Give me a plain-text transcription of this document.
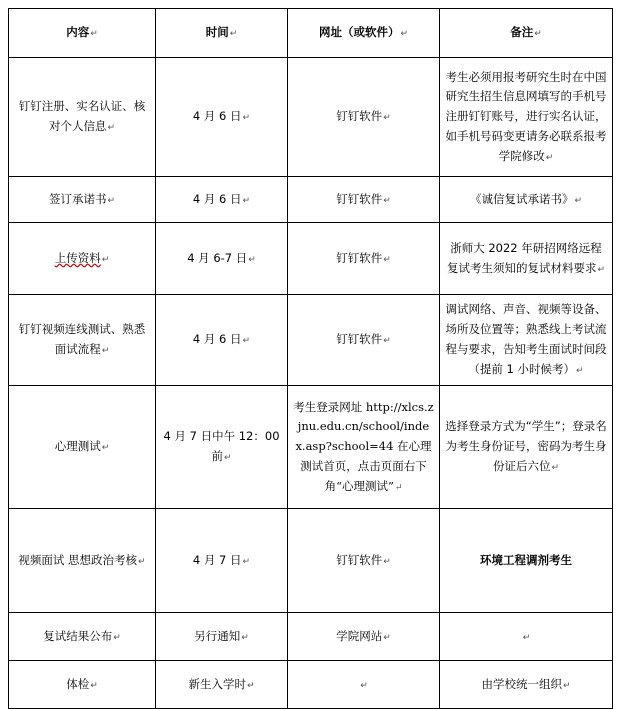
内容↵	时间↵	网址（或软件）↵	备注↵
钉钉注册、实名认证、核对个人信息↵	4 月 6 日↵	钉钉软件↵	考生必须用报考研究生时在中国研究生招生信息网填写的手机号注册钉钉账号，进行实名认证，如手机号码变更请务必联系报考学院修改↵
签订承诺书↵	4 月 6 日↵	钉钉软件↵	《诚信复试承诺书》↵
上传资料↵	4 月 6-7 日↵	钉钉软件↵	浙师大 2022 年研招网络远程复试考生须知的复试材料要求↵
钉钉视频连线测试、熟悉面试流程↵	4 月 6 日↵	钉钉软件↵	调试网络、声音、视频等设备、场所及位置等；熟悉线上考试流程与要求，告知考生面试时间段（提前 1 小时候考）↵
心理测试↵	4 月 7 日中午 12：00 前↵	考生登录网址 http://xlcs.zjnu.edu.cn/school/index.asp?school=44 在心理测试首页，点击页面右下角“心理测试”↵	选择登录方式为“学生”；登录名为考生身份证号，密码为考生身份证后六位↵
视频面试 思想政治考核↵	4 月 7 日↵	钉钉软件↵	环境工程调剂考生
复试结果公布↵	另行通知↵	学院网站↵	↵
体检↵	新生入学时↵	↵	由学校统一组织↵
